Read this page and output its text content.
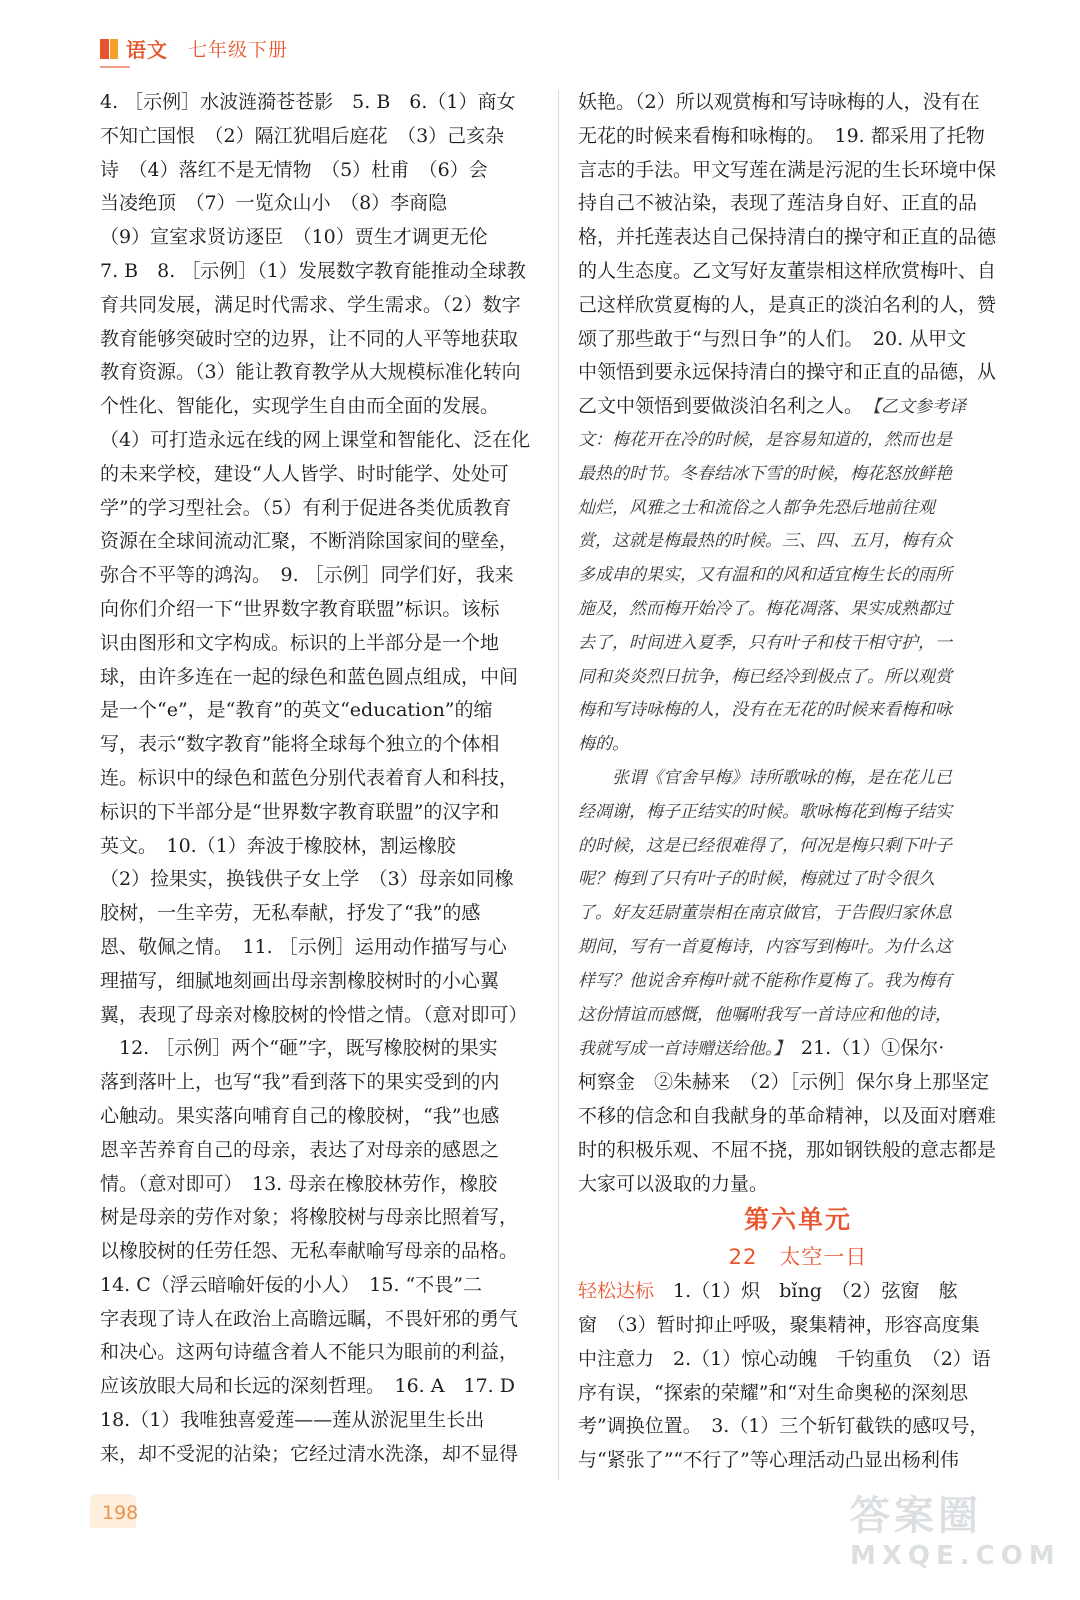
语文 七年级下册
4. ［示例］水波涟漪苍苍影　5. B　6.（1）商女
不知亡国恨　（2）隔江犹唱后庭花　（3）己亥杂
诗　（4）落红不是无情物　（5）杜甫　（6）会
当凌绝顶　（7）一览众山小　（8）李商隐
（9）宣室求贤访逐臣　（10）贾生才调更无伦
7. B　8. ［示例］（1）发展数字教育能推动全球教
育共同发展，满足时代需求、学生需求。（2）数字
教育能够突破时空的边界，让不同的人平等地获取
教育资源。（3）能让教育教学从大规模标准化转向
个性化、智能化，实现学生自由而全面的发展。
（4）可打造永远在线的网上课堂和智能化、泛在化
的未来学校，建设“人人皆学、时时能学、处处可
学”的学习型社会。（5）有利于促进各类优质教育
资源在全球间流动汇聚，不断消除国家间的壁垒，
弥合不平等的鸿沟。　9. ［示例］同学们好，我来
向你们介绍一下“世界数字教育联盟”标识。该标
识由图形和文字构成。标识的上半部分是一个地
球，由许多连在一起的绿色和蓝色圆点组成，中间
是一个“e”，是“教育”的英文“education”的缩
写，表示“数字教育”能将全球每个独立的个体相
连。标识中的绿色和蓝色分别代表着育人和科技，
标识的下半部分是“世界数字教育联盟”的汉字和
英文。　10.（1）奔波于橡胶林，割运橡胶
（2）捡果实，换钱供子女上学　（3）母亲如同橡
胶树，一生辛劳，无私奉献，抒发了“我”的感
恩、敬佩之情。　11. ［示例］运用动作描写与心
理描写，细腻地刻画出母亲割橡胶树时的小心翼
翼，表现了母亲对橡胶树的怜惜之情。（意对即可）
　12. ［示例］两个“砸”字，既写橡胶树的果实
落到落叶上，也写“我”看到落下的果实受到的内
心触动。果实落向哺育自己的橡胶树，“我”也感
恩辛苦养育自己的母亲，表达了对母亲的感恩之
情。（意对即可）　13. 母亲在橡胶林劳作，橡胶
树是母亲的劳作对象；将橡胶树与母亲比照着写，
以橡胶树的任劳任怨、无私奉献喻写母亲的品格。
14. C（浮云暗喻奸佞的小人）　15. “不畏”二
字表现了诗人在政治上高瞻远瞩，不畏奸邪的勇气
和决心。这两句诗蕴含着人不能只为眼前的利益，
应该放眼大局和长远的深刻哲理。　16. A　17. D
18.（1）我唯独喜爱莲——莲从淤泥里生长出
来，却不受泥的沾染；它经过清水洗涤，却不显得
妖艳。（2）所以观赏梅和写诗咏梅的人，没有在
无花的时候来看梅和咏梅的。　19. 都采用了托物
言志的手法。甲文写莲在满是污泥的生长环境中保
持自己不被沾染，表现了莲洁身自好、正直的品
格，并托莲表达自己保持清白的操守和正直的品德
的人生态度。乙文写好友董崇相这样欣赏梅叶、自
己这样欣赏夏梅的人，是真正的淡泊名利的人，赞
颂了那些敢于“与烈日争”的人们。　20. 从甲文
中领悟到要永远保持清白的操守和正直的品德，从
乙文中领悟到要做淡泊名利之人。　【乙文参考译
文：梅花开在冷的时候，是容易知道的，然而也是
最热的时节。冬春结冰下雪的时候，梅花怒放鲜艳
灿烂，风雅之士和流俗之人都争先恐后地前往观
赏，这就是梅最热的时候。三、四、五月，梅有众
多成串的果实，又有温和的风和适宜梅生长的雨所
施及，然而梅开始冷了。梅花凋落、果实成熟都过
去了，时间进入夏季，只有叶子和枝干相守护，一
同和炎炎烈日抗争，梅已经冷到极点了。所以观赏
梅和写诗咏梅的人，没有在无花的时候来看梅和咏
梅的。
　　张谓《官舍早梅》诗所歌咏的梅，是在花儿已
经凋谢，梅子正结实的时候。歌咏梅花到梅子结实
的时候，这是已经很难得了，何况是梅只剩下叶子
呢？梅到了只有叶子的时候，梅就过了时令很久
了。好友廷尉董崇相在南京做官，于告假归家休息
期间，写有一首夏梅诗，内容写到梅叶。为什么这
样写？他说舍弃梅叶就不能称作夏梅了。我为梅有
这份情谊而感慨，他嘱咐我写一首诗应和他的诗，
我就写成一首诗赠送给他。】　21.（1）①保尔·
柯察金　②朱赫来　（2）［示例］保尔身上那坚定
不移的信念和自我献身的革命精神，以及面对磨难
时的积极乐观、不屈不挠，那如钢铁般的意志都是
大家可以汲取的力量。
第六单元
22　太空一日
轻松达标　1.（1）炽　bǐng　（2）弦窗　舷
窗　（3）暂时抑止呼吸，聚集精神，形容高度集
中注意力　2.（1）惊心动魄　千钧重负　（2）语
序有误，“探索的荣耀”和“对生命奥秘的深刻思
考”调换位置。　3.（1）三个斩钉截铁的感叹号，
与“紧张了”“不行了”等心理活动凸显出杨利伟
198	答案圈
MXQE.COM
